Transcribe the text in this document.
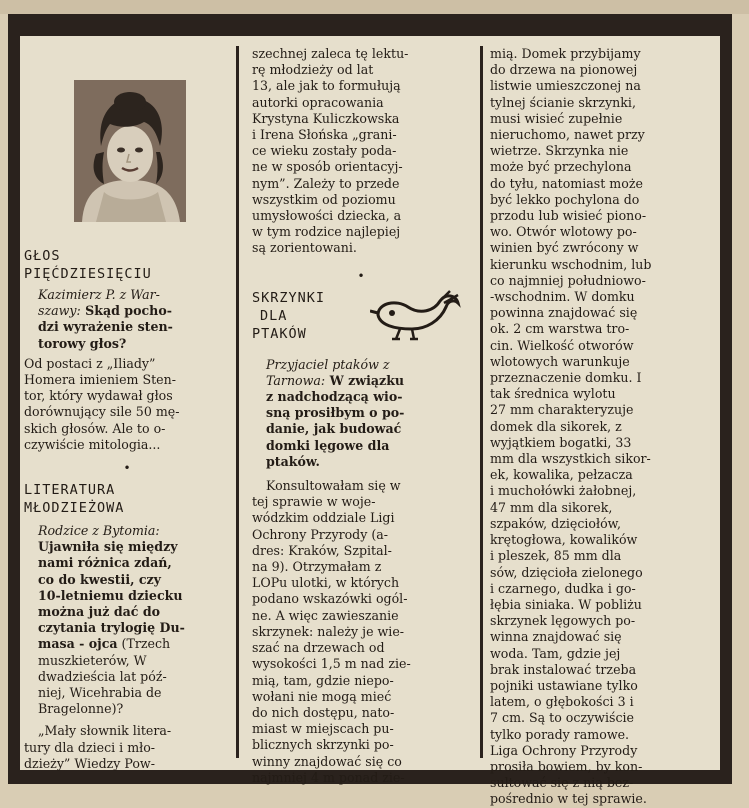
GŁOS
PIĘĆDZIESIĘCIU
Kazimierz P. z War-
szawy: Skąd pocho-
dzi wyrażenie sten-
torowy głos?
Od postaci z „Iliady”
Homera imieniem Sten-
tor, który wydawał głos
dorównujący sile 50 mę-
skich głosów. Ale to o-
czywiście mitologia...
•
LITERATURA
MŁODZIEŻOWA
Rodzice z Bytomia:
Ujawniła się między
nami różnica zdań,
co do kwestii, czy
10-letniemu dziecku
można już dać do
czytania trylogię Du-
masa - ojca (Trzech
muszkieterów, W
dwadzieścia lat póź-
niej, Wicehrabia de
Bragelonne)?
„Mały słownik litera-
tury dla dzieci i mło-
dzieży” Wiedzy Pow-
szechnej zaleca tę lektu-
rę młodzieży od lat
13, ale jak to formułują
autorki opracowania
Krystyna Kuliczkowska
i Irena Słońska „grani-
ce wieku zostały poda-
ne w sposób orientacyj-
nym”. Zależy to przede
wszystkim od poziomu
umysłowości dziecka, a
w tym rodzice najlepiej
są zorientowani.
•
SKRZYNKI
DLA
PTAKÓW
Przyjaciel ptaków z
Tarnowa: W związku
z nadchodzącą wio-
sną prosiłbym o po-
danie, jak budować
domki lęgowe dla
ptaków.
Konsultowałam się w
tej sprawie w woje-
wódzkim oddziale Ligi
Ochrony Przyrody (a-
dres: Kraków, Szpital-
na 9). Otrzymałam z
LOPu ulotki, w których
podano wskazówki ogól-
ne. A więc zawieszanie
skrzynek: należy je wie-
szać na drzewach od
wysokości 1,5 m nad zie-
mią, tam, gdzie niepo-
wołani nie mogą mieć
do nich dostępu, nato-
miast w miejscach pu-
blicznych skrzynki po-
winny znajdować się co
najmniej 4 m ponad zie-
mią. Domek przybijamy
do drzewa na pionowej
listwie umieszczonej na
tylnej ścianie skrzynki,
musi wisieć zupełnie
nieruchomo, nawet przy
wietrze. Skrzynka nie
może być przechylona
do tyłu, natomiast może
być lekko pochylona do
przodu lub wisieć piono-
wo. Otwór wlotowy po-
winien być zwrócony w
kierunku wschodnim, lub
co najmniej południowo-
-wschodnim. W domku
powinna znajdować się
ok. 2 cm warstwa tro-
cin. Wielkość otworów
wlotowych warunkuje
przeznaczenie domku. I
tak średnica wylotu
27 mm charakteryzuje
domek dla sikorek, z
wyjątkiem bogatki, 33
mm dla wszystkich sikor-
ek, kowalika, pełzacza
i muchołówki żałobnej,
47 mm dla sikorek,
szpaków, dzięciołów,
krętogłowa, kowalików
i pleszek, 85 mm dla
sów, dzięcioła zielonego
i czarnego, dudka i go-
łębia siniaka. W pobliżu
skrzynek lęgowych po-
winna znajdować się
woda. Tam, gdzie jej
brak instalować trzeba
pojniki ustawiane tylko
latem, o głębokości 3 i
7 cm. Są to oczywiście
tylko porady ramowe.
Liga Ochrony Przyrody
prosiła bowiem, by kon-
sultować się z nią bez-
pośrednio w tej sprawie.
